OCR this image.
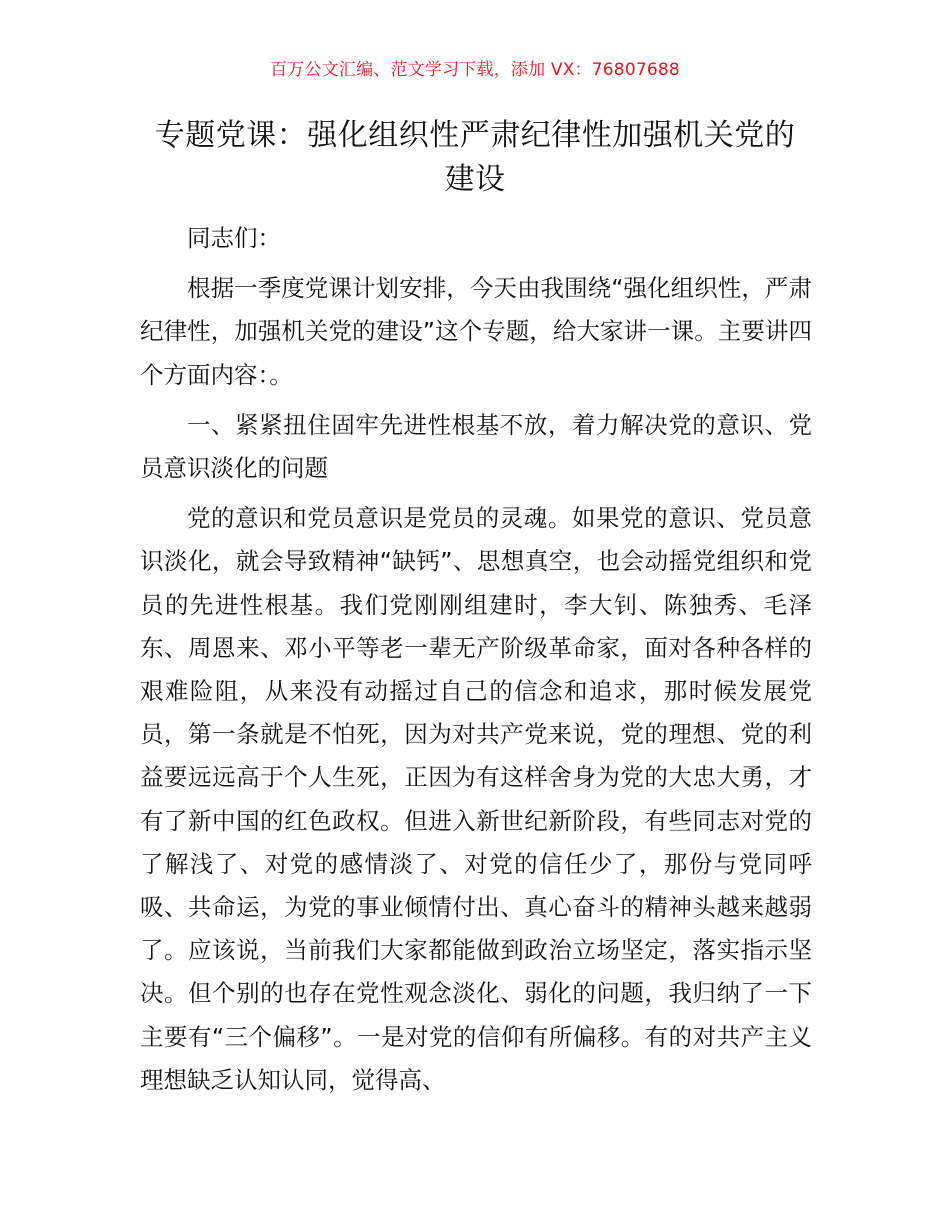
百万公文汇编、范文学习下载，添加 VX：76807688
专题党课：强化组织性严肃纪律性加强机关党的建设

同志们：

根据一季度党课计划安排，今天由我围绕“强化组织性，严肃纪律性，加强机关党的建设”这个专题，给大家讲一课。主要讲四个方面内容：。

一、紧紧扭住固牢先进性根基不放，着力解决党的意识、党员意识淡化的问题

党的意识和党员意识是党员的灵魂。如果党的意识、党员意识淡化，就会导致精神“缺钙”、思想真空，也会动摇党组织和党员的先进性根基。我们党刚刚组建时，李大钊、陈独秀、毛泽东、周恩来、邓小平等老一辈无产阶级革命家，面对各种各样的艰难险阻，从来没有动摇过自己的信念和追求，那时候发展党员，第一条就是不怕死，因为对共产党来说，党的理想、党的利益要远远高于个人生死，正因为有这样舍身为党的大忠大勇，才有了新中国的红色政权。但进入新世纪新阶段，有些同志对党的了解浅了、对党的感情淡了、对党的信任少了，那份与党同呼吸、共命运，为党的事业倾情付出、真心奋斗的精神头越来越弱了。应该说，当前我们大家都能做到政治立场坚定，落实指示坚决。但个别的也存在党性观念淡化、弱化的问题，我归纳了一下主要有“三个偏移”。一是对党的信仰有所偏移。有的对共产主义理想缺乏认知认同，觉得高、
